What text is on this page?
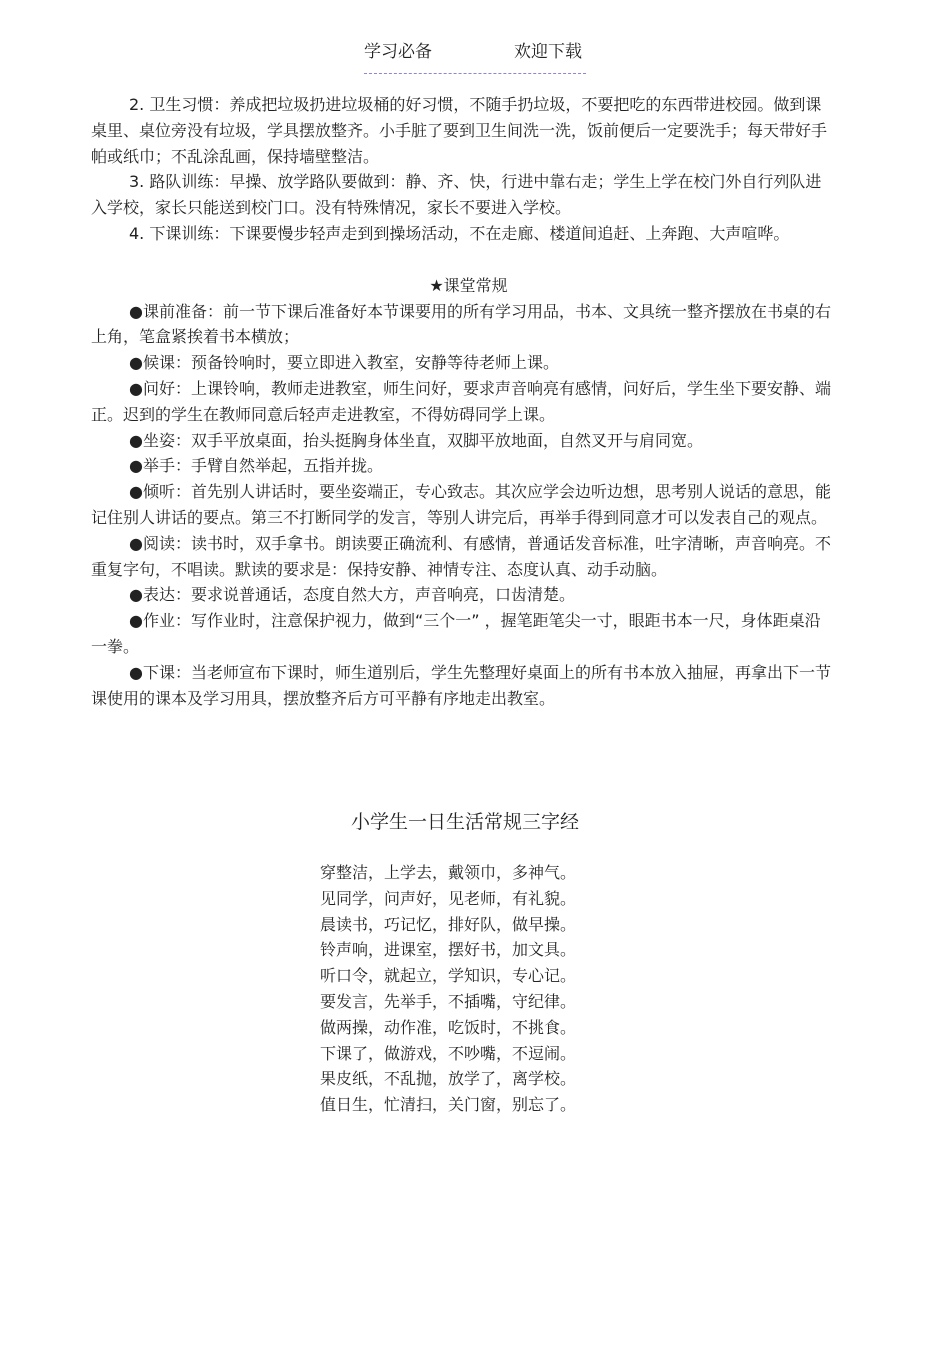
学习必备	欢迎下载

2. 卫生习惯：养成把垃圾扔进垃圾桶的好习惯，不随手扔垃圾，不要把吃的东西带进校园。做到课桌里、桌位旁没有垃圾，学具摆放整齐。小手脏了要到卫生间洗一洗，饭前便后一定要洗手；每天带好手帕或纸巾；不乱涂乱画，保持墙壁整洁。

3. 路队训练：早操、放学路队要做到：静、齐、快，行进中靠右走；学生上学在校门外自行列队进入学校，家长只能送到校门口。没有特殊情况，家长不要进入学校。

4. 下课训练：下课要慢步轻声走到到操场活动，不在走廊、楼道间追赶、上奔跑、大声喧哗。

★课堂常规

●课前准备：前一节下课后准备好本节课要用的所有学习用品，书本、文具统一整齐摆放在书桌的右上角，笔盒紧挨着书本横放；

●候课：预备铃响时，要立即进入教室，安静等待老师上课。

●问好：上课铃响，教师走进教室，师生问好，要求声音响亮有感情，问好后，学生坐下要安静、端正。迟到的学生在教师同意后轻声走进教室，不得妨碍同学上课。

●坐姿：双手平放桌面，抬头挺胸身体坐直，双脚平放地面，自然叉开与肩同宽。

●举手：手臂自然举起，五指并拢。

●倾听：首先别人讲话时，要坐姿端正，专心致志。其次应学会边听边想，思考别人说话的意思，能记住别人讲话的要点。第三不打断同学的发言，等别人讲完后，再举手得到同意才可以发表自己的观点。

●阅读：读书时，双手拿书。朗读要正确流利、有感情，普通话发音标准，吐字清晰，声音响亮。不重复字句，不唱读。默读的要求是：保持安静、神情专注、态度认真、动手动脑。

●表达：要求说普通话，态度自然大方，声音响亮，口齿清楚。

●作业：写作业时，注意保护视力，做到“三个一” ，握笔距笔尖一寸，眼距书本一尺，身体距桌沿一拳。

●下课：当老师宣布下课时，师生道别后，学生先整理好桌面上的所有书本放入抽屉，再拿出下一节课使用的课本及学习用具，摆放整齐后方可平静有序地走出教室。

小学生一日生活常规三字经

穿整洁，上学去，戴领巾，多神气。

见同学，问声好，见老师，有礼貌。

晨读书，巧记忆，排好队，做早操。

铃声响，进课室，摆好书，加文具。

听口令，就起立，学知识，专心记。

要发言，先举手，不插嘴，守纪律。

做两操，动作准，吃饭时，不挑食。

下课了，做游戏，不吵嘴，不逗闹。

果皮纸，不乱抛，放学了，离学校。

值日生，忙清扫，关门窗，别忘了。
